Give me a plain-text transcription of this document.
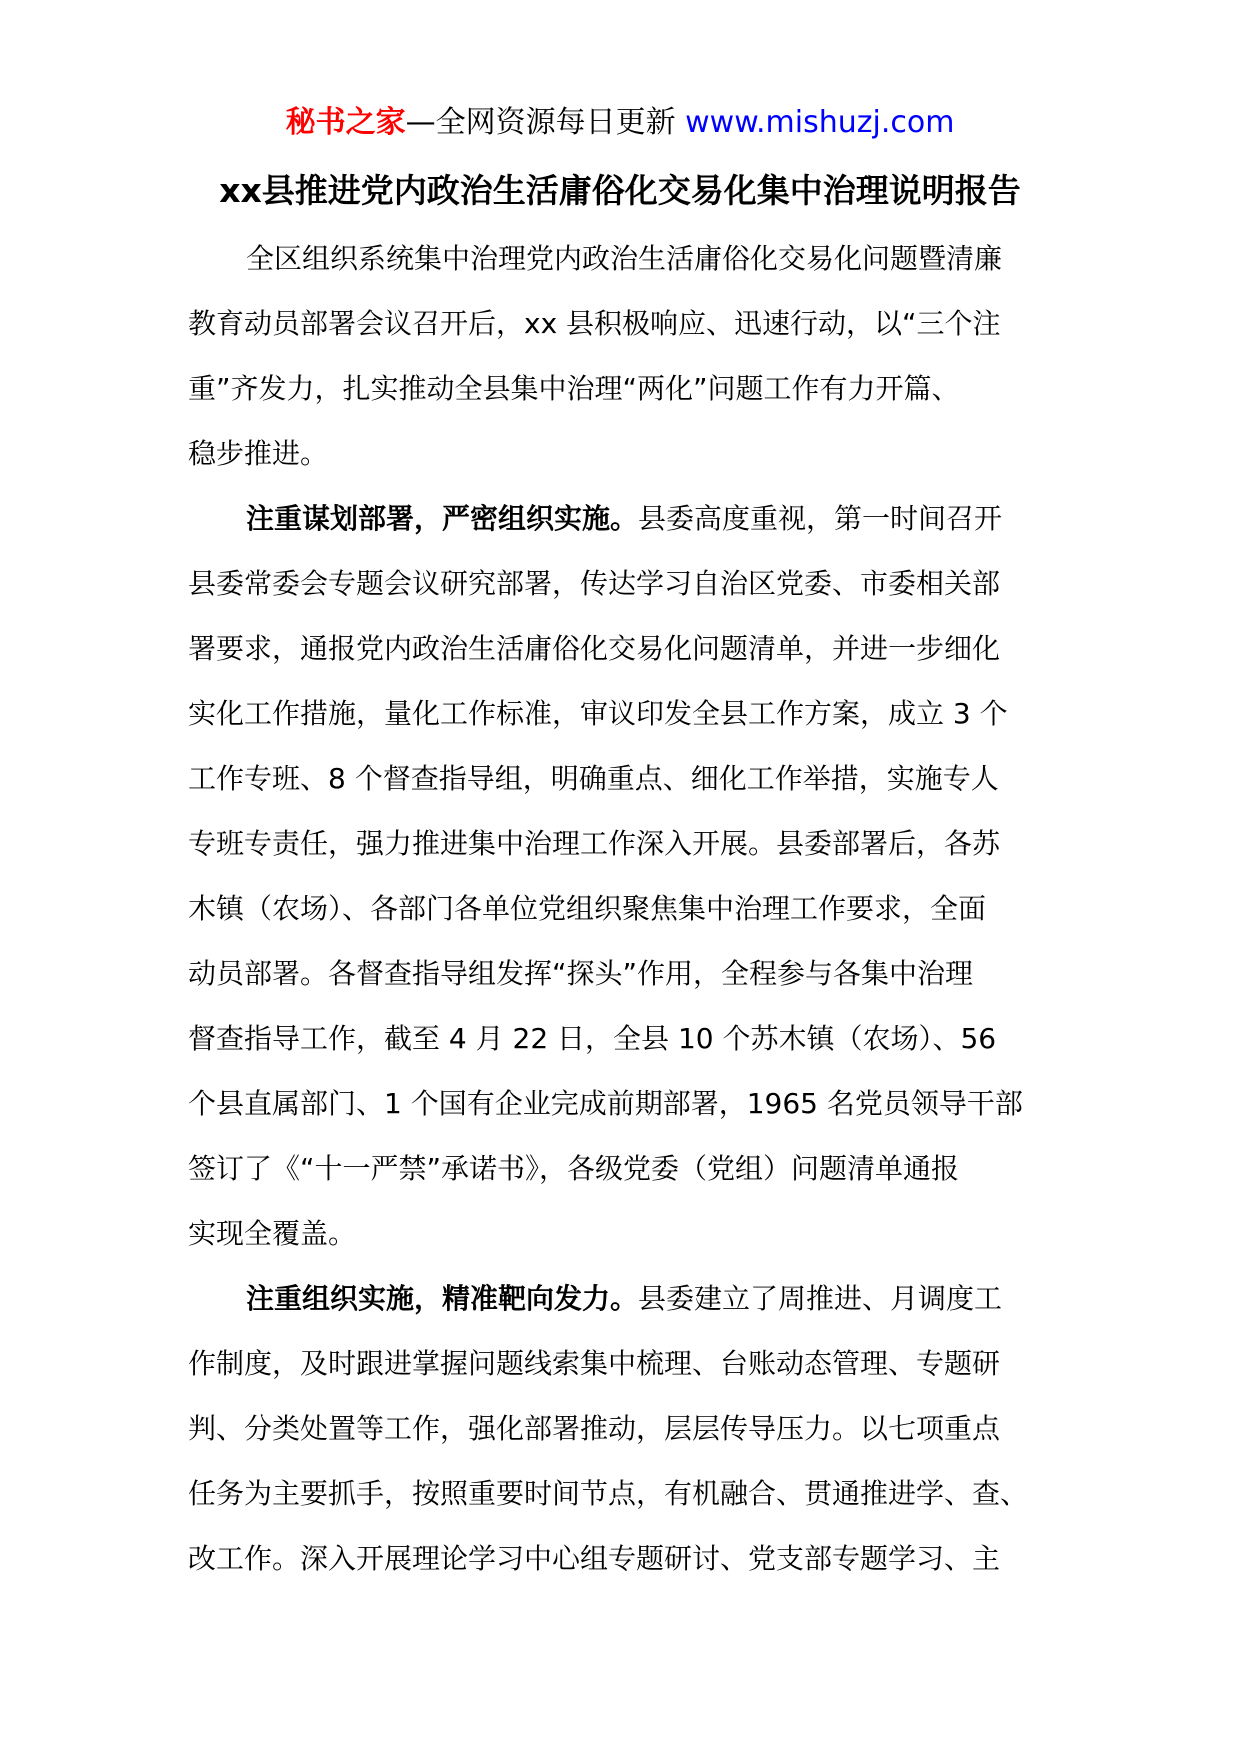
秘书之家—全网资源每日更新 www.mishuzj.com
xx县推进党内政治生活庸俗化交易化集中治理说明报告
全区组织系统集中治理党内政治生活庸俗化交易化问题暨清廉
教育动员部署会议召开后，xx 县积极响应、迅速行动，以“三个注
重”齐发力，扎实推动全县集中治理“两化”问题工作有力开篇、
稳步推进。
注重谋划部署，严密组织实施。县委高度重视，第一时间召开
县委常委会专题会议研究部署，传达学习自治区党委、市委相关部
署要求，通报党内政治生活庸俗化交易化问题清单，并进一步细化
实化工作措施，量化工作标准，审议印发全县工作方案，成立 3 个
工作专班、8 个督查指导组，明确重点、细化工作举措，实施专人
专班专责任，强力推进集中治理工作深入开展。县委部署后，各苏
木镇（农场）、各部门各单位党组织聚焦集中治理工作要求，全面
动员部署。各督查指导组发挥“探头”作用，全程参与各集中治理
督查指导工作，截至 4 月 22 日，全县 10 个苏木镇（农场）、56
个县直属部门、1 个国有企业完成前期部署，1965 名党员领导干部
签订了《“十一严禁”承诺书》，各级党委（党组）问题清单通报
实现全覆盖。
注重组织实施，精准靶向发力。县委建立了周推进、月调度工
作制度，及时跟进掌握问题线索集中梳理、台账动态管理、专题研
判、分类处置等工作，强化部署推动，层层传导压力。以七项重点
任务为主要抓手，按照重要时间节点，有机融合、贯通推进学、查、
改工作。深入开展理论学习中心组专题研讨、党支部专题学习、主
